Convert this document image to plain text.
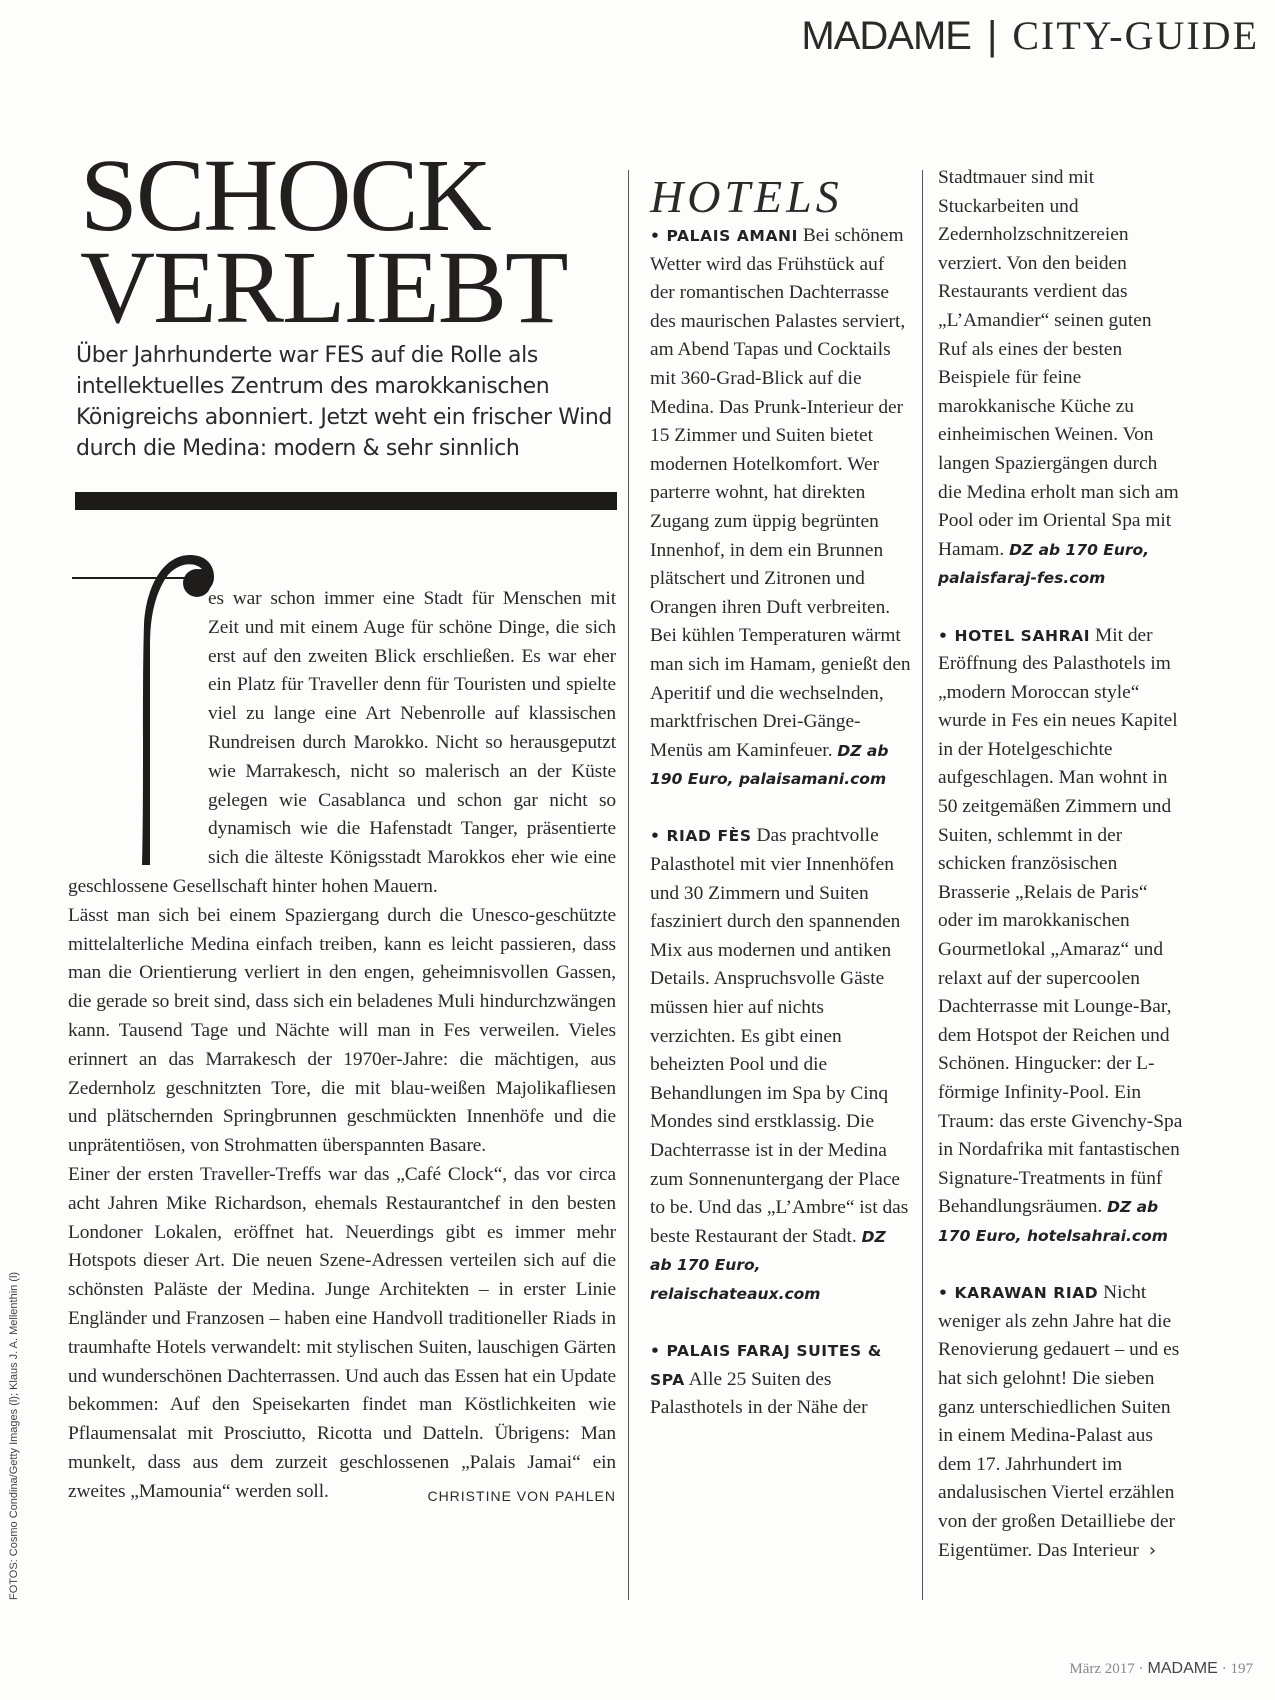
MADAME | CITY-GUIDE
SCHOCK
VERLIEBT
Über Jahrhunderte war FES auf die Rolle als intellektuelles Zentrum des marokkanischen Königreichs abonniert. Jetzt weht ein frischer Wind durch die Medina: modern & sehr sinnlich

es war schon immer eine Stadt für Menschen mit Zeit und mit einem Auge für schöne Dinge, die sich erst auf den zweiten Blick erschließen. Es war eher ein Platz für Traveller denn für Touristen und spielte viel zu lange eine Art Nebenrolle auf klassischen Rundreisen durch Marokko. Nicht so herausgeputzt wie Marrakesch, nicht so malerisch an der Küste gelegen wie Casablanca und schon gar nicht so dynamisch wie die Hafenstadt Tanger, präsentierte sich die älteste Königsstadt Marokkos eher wie eine geschlossene Gesellschaft hinter hohen Mauern.

Lässt man sich bei einem Spaziergang durch die Unesco-geschützte mittelalterliche Medina einfach treiben, kann es leicht passieren, dass man die Orientierung verliert in den engen, geheimnisvollen Gassen, die gerade so breit sind, dass sich ein beladenes Muli hindurchzwängen kann. Tausend Tage und Nächte will man in Fes verweilen. Vieles erinnert an das Marrakesch der 1970er-Jahre: die mächtigen, aus Zedernholz geschnitzten Tore, die mit blau-weißen Majolikafliesen und plätschernden Springbrunnen geschmückten Innenhöfe und die unprätentiösen, von Strohmatten überspannten Basare.

Einer der ersten Traveller-Treffs war das „Café Clock“, das vor circa acht Jahren Mike Richardson, ehemals Restaurantchef in den besten Londoner Lokalen, eröffnet hat. Neuerdings gibt es immer mehr Hotspots dieser Art. Die neuen Szene-Adressen verteilen sich auf die schönsten Paläste der Medina. Junge Architekten – in erster Linie Engländer und Franzosen – haben eine Handvoll traditioneller Riads in traumhafte Hotels verwandelt: mit stylischen Suiten, lauschigen Gärten und wunderschönen Dachterrassen. Und auch das Essen hat ein Update bekommen: Auf den Speisekarten findet man Köstlichkeiten wie Pflaumensalat mit Prosciutto, Ricotta und Datteln. Übrigens: Man munkelt, dass aus dem zurzeit geschlossenen „Palais Jamai“ ein zweites „Mamounia“ werden soll.	CHRISTINE VON PAHLEN

HOTELS

• PALAIS AMANI Bei schönem Wetter wird das Frühstück auf der romantischen Dachterrasse des maurischen Palastes serviert, am Abend Tapas und Cocktails mit 360-Grad-Blick auf die Medina. Das Prunk-Interieur der 15 Zimmer und Suiten bietet modernen Hotelkomfort. Wer parterre wohnt, hat direkten Zugang zum üppig begrünten Innenhof, in dem ein Brunnen plätschert und Zitronen und Orangen ihren Duft verbreiten. Bei kühlen Temperaturen wärmt man sich im Hamam, genießt den Aperitif und die wechselnden, marktfrischen Drei-Gänge-Menüs am Kaminfeuer. DZ ab 190 Euro, palaisamani.com

• RIAD FÈS Das prachtvolle Palasthotel mit vier Innenhöfen und 30 Zimmern und Suiten fasziniert durch den spannenden Mix aus modernen und antiken Details. Anspruchsvolle Gäste müssen hier auf nichts verzichten. Es gibt einen beheizten Pool und die Behandlungen im Spa by Cinq Mondes sind erstklassig. Die Dachterrasse ist in der Medina zum Sonnenuntergang der Place to be. Und das „L’Ambre“ ist das beste Restaurant der Stadt. DZ ab 170 Euro, relaischateaux.com

• PALAIS FARAJ SUITES & SPA Alle 25 Suiten des Palasthotels in der Nähe der

Stadtmauer sind mit Stuckarbeiten und Zedernholzschnitzereien verziert. Von den beiden Restaurants verdient das „L’Amandier“ seinen guten Ruf als eines der besten Beispiele für feine marokkanische Küche zu einheimischen Weinen. Von langen Spaziergängen durch die Medina erholt man sich am Pool oder im Oriental Spa mit Hamam. DZ ab 170 Euro, palaisfaraj-fes.com

• HOTEL SAHRAI Mit der Eröffnung des Palasthotels im „modern Moroccan style“ wurde in Fes ein neues Kapitel in der Hotelgeschichte aufgeschlagen. Man wohnt in 50 zeitgemäßen Zimmern und Suiten, schlemmt in der schicken französischen Brasserie „Relais de Paris“ oder im marokkanischen Gourmetlokal „Amaraz“ und relaxt auf der supercoolen Dachterrasse mit Lounge-Bar, dem Hotspot der Reichen und Schönen. Hingucker: der L-förmige Infinity-Pool. Ein Traum: das erste Givenchy-Spa in Nordafrika mit fantastischen Signature-Treatments in fünf Behandlungsräumen. DZ ab 170 Euro, hotelsahrai.com

• KARAWAN RIAD Nicht weniger als zehn Jahre hat die Renovierung gedauert – und es hat sich gelohnt! Die sieben ganz unterschiedlichen Suiten in einem Medina-Palast aus dem 17. Jahrhundert im andalusischen Viertel erzählen von der großen Detailliebe der Eigentümer. Das Interieur ›

FOTOS: Cosmo Condina/Getty Images (l); Klaus J. A. Mellenthin (l)
März 2017 · MADAME · 197
